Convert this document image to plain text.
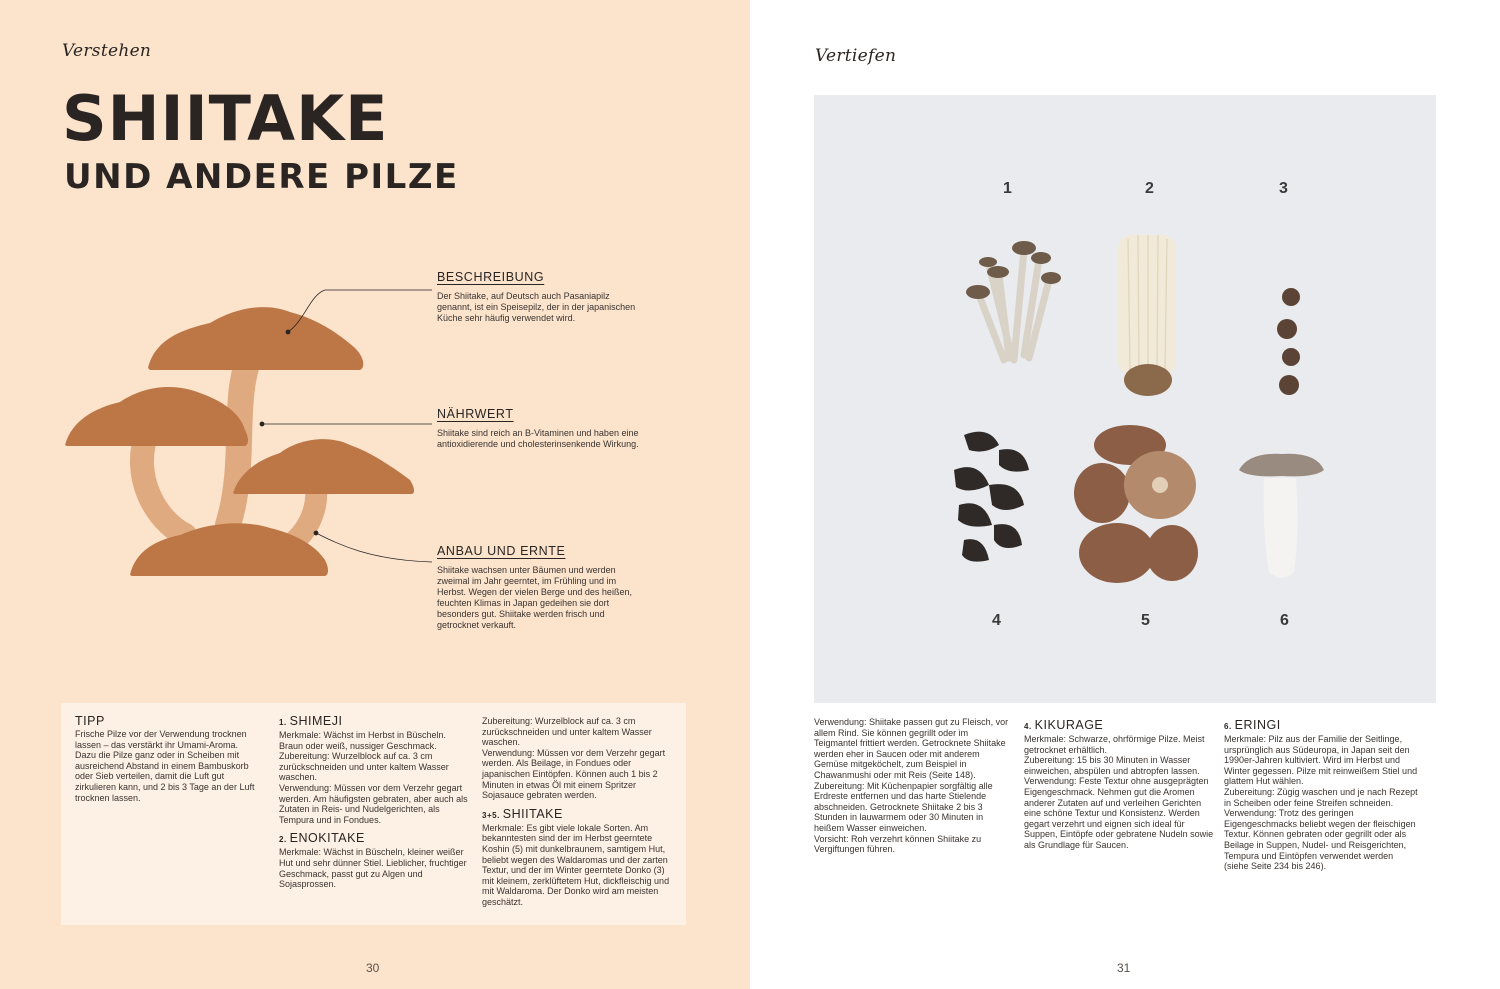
Verstehen
SHIITAKE
UND ANDERE PILZE
BESCHREIBUNG

Der Shiitake, auf Deutsch auch Pasaniapilz genannt, ist ein Speisepilz, der in der japanischen Küche sehr häufig verwendet wird.

NÄHRWERT

Shiitake sind reich an B-Vitaminen und haben eine antioxidierende und cholesterinsenkende Wirkung.

ANBAU UND ERNTE

Shiitake wachsen unter Bäumen und werden zweimal im Jahr geerntet, im Frühling und im Herbst. Wegen der vielen Berge und des heißen, feuchten Klimas in Japan gedeihen sie dort besonders gut. Shiitake werden frisch und getrocknet verkauft.

TIPP

Frische Pilze vor der Verwendung trocknen lassen – das verstärkt ihr Umami-Aroma. Dazu die Pilze ganz oder in Scheiben mit ausreichend Abstand in einem Bambuskorb oder Sieb verteilen, damit die Luft gut zirkulieren kann, und 2 bis 3 Tage an der Luft trocknen lassen.

1. SHIMEJI

Merkmale: Wächst im Herbst in Büscheln. Braun oder weiß, nussiger Geschmack.

Zubereitung: Wurzelblock auf ca. 3 cm zurückschneiden und unter kaltem Wasser waschen.

Verwendung: Müssen vor dem Verzehr gegart werden. Am häufigsten gebraten, aber auch als Zutaten in Reis- und Nudelgerichten, als Tempura und in Fondues.

2. ENOKITAKE

Merkmale: Wächst in Büscheln, kleiner weißer Hut und sehr dünner Stiel. Lieblicher, fruchtiger Geschmack, passt gut zu Algen und Sojasprossen.

Zubereitung: Wurzelblock auf ca. 3 cm zurückschneiden und unter kaltem Wasser waschen.

Verwendung: Müssen vor dem Verzehr gegart werden. Als Beilage, in Fondues oder japanischen Eintöpfen. Können auch 1 bis 2 Minuten in etwas Öl mit einem Spritzer Sojasauce gebraten werden.

3+5. SHIITAKE

Merkmale: Es gibt viele lokale Sorten. Am bekanntesten sind der im Herbst geerntete Koshin (5) mit dunkelbraunem, samtigem Hut, beliebt wegen des Waldaromas und der zarten Textur, und der im Winter geerntete Donko (3) mit kleinem, zerklüftetem Hut, dickfleischig und mit Waldaroma. Der Donko wird am meisten geschätzt.

30
Vertiefen
1	2	3
4	5	6

Verwendung: Shiitake passen gut zu Fleisch, vor allem Rind. Sie können gegrillt oder im Teigmantel frittiert werden. Getrocknete Shiitake werden eher in Saucen oder mit anderem Gemüse mitgeköchelt, zum Beispiel in Chawanmushi oder mit Reis (Seite 148).

Zubereitung: Mit Küchenpapier sorgfältig alle Erdreste entfernen und das harte Stielende abschneiden. Getrocknete Shiitake 2 bis 3 Stunden in lauwarmem oder 30 Minuten in heißem Wasser einweichen.

Vorsicht: Roh verzehrt können Shiitake zu Vergiftungen führen.

4. KIKURAGE

Merkmale: Schwarze, ohrförmige Pilze. Meist getrocknet erhältlich.

Zubereitung: 15 bis 30 Minuten in Wasser einweichen, abspülen und abtropfen lassen.

Verwendung: Feste Textur ohne ausgeprägten Eigengeschmack. Nehmen gut die Aromen anderer Zutaten auf und verleihen Gerichten eine schöne Textur und Konsistenz. Werden gegart verzehrt und eignen sich ideal für Suppen, Eintöpfe oder gebratene Nudeln sowie als Grundlage für Saucen.

6. ERINGI

Merkmale: Pilz aus der Familie der Seitlinge, ursprünglich aus Südeuropa, in Japan seit den 1990er-Jahren kultiviert. Wird im Herbst und Winter gegessen. Pilze mit reinweißem Stiel und glattem Hut wählen.

Zubereitung: Zügig waschen und je nach Rezept in Scheiben oder feine Streifen schneiden.

Verwendung: Trotz des geringen Eigengeschmacks beliebt wegen der fleischigen Textur. Können gebraten oder gegrillt oder als Beilage in Suppen, Nudel- und Reisgerichten, Tempura und Eintöpfen verwendet werden (siehe Seite 234 bis 246).

31
